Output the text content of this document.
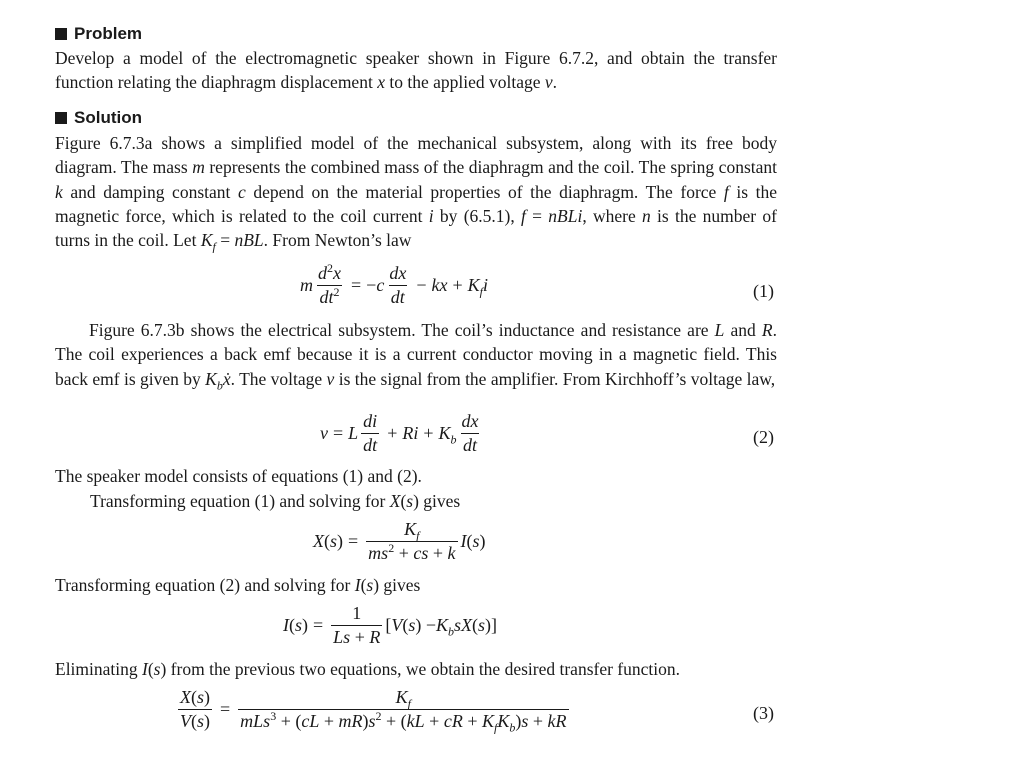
Problem

Develop a model of the electromagnetic speaker shown in Figure 6.7.2, and obtain the transfer function relating the diaphragm displacement x to the applied voltage v.

Solution

Figure 6.7.3a shows a simplified model of the mechanical subsystem, along with its free body diagram. The mass m represents the combined mass of the diaphragm and the coil. The spring constant k and damping constant c depend on the material properties of the diaphragm. The force f is the magnetic force, which is related to the coil current i by (6.5.1), f = nBLi, where n is the number of turns in the coil. Let $K_f$ = nBL. From Newton’s law

m $\frac{d^2x}{dt^2}$ = − c $\frac{dx}{dt}$ − kx + $K_fi$	(1)

Figure 6.7.3b shows the electrical subsystem. The coil’s inductance and resistance are L and R. The coil experiences a back emf because it is a current conductor moving in a magnetic field. This back emf is given by $K_bẋ$. The voltage v is the signal from the amplifier. From Kirchhoff’s voltage law,

v = L $\frac{di}{dt} + Ri + K_b \frac{dx}{dt}$	(2)

The speaker model consists of equations (1) and (2).

Transforming equation (1) and solving for X(s) gives

X ( s ) = $\frac{K_f}{ms^2 + cs + k}$ I ( s )

Transforming equation (2) and solving for I(s) gives

I ( s ) = $\frac{1}{Ls + R}$ [ V ( s ) − $K_bsX$ ( s )]

Eliminating I(s) from the previous two equations, we obtain the desired transfer function.

$\frac{X(s)}{V(s)} = \frac{K_f}{mLs^3 + (cL + mR)s^2 + (kL + cR + K_fK_b)s + kR}$	(3)
